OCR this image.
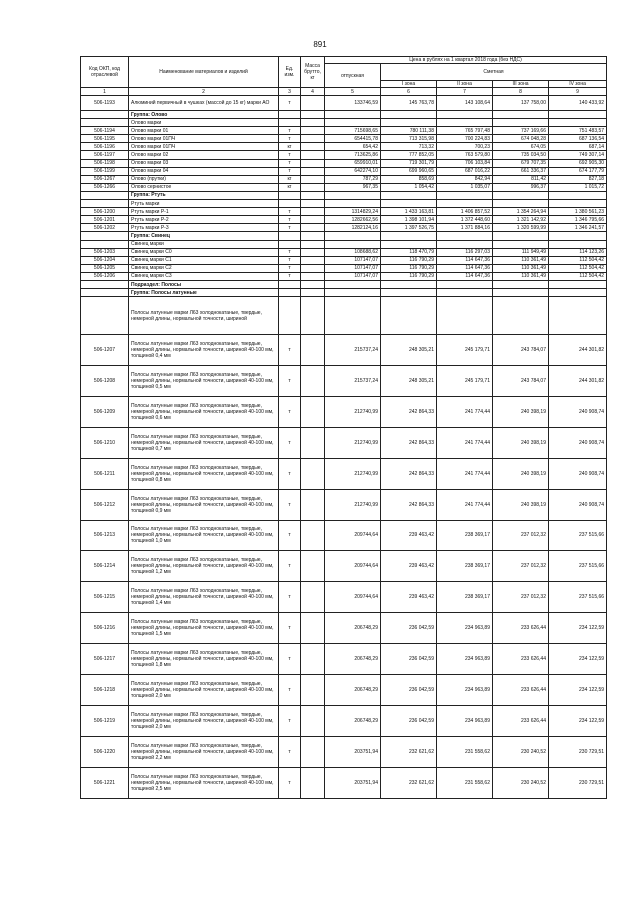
891
Код ОКП, код отраслевой	Наименование материалов и изделий	Ед. изм.	Масса брутто, кг	Цена в рублях на 1 квартал 2018 года (без НДС)				
				отпускная	Сметная			
					I зона	II зона	III зона	IV зона
1	2	3	4	5	6	7	8	9
506-1193	Алюминий первичный в чушках (массой до 15 кг) марки АО	т		133746,59	145 763,78	143 108,64	137 758,00	140 433,92
	Группа: Олово							
	Олово марки							
506-1194	Олово марки 01	т		715698,65	780 111,38	765 797,48	737 169,66	751 483,57
506-1195	Олово марки 01ПЧ	т		654415,78	713 315,98	700 224,83	674 048,28	687 136,54
506-1196	Олово марки 01ПЧ	кг		654,42	713,32	700,23	674,05	687,14
506-1197	Олово марки 02	т		713625,86	777 852,05	763 579,80	735 034,50	749 307,14
506-1198	Олово марки 03	т		659910,01	719 301,79	706 103,84	679 707,35	692 905,30
506-1199	Олово марки 04	т		642274,10	699 960,65	687 016,22	661 336,37	674 177,79
506-1267	Олово (прутки)	кг		787,29	858,69	842,94	811,42	827,18
506-1266	Олово сернистое	кг		967,35	1 054,42	1 035,07	996,37	1 015,72
	Группа: Ртуть							
	Ртуть марки							
506-1200	Ртуть марки Р-1	т		1314829,24	1 433 163,81	1 406 857,52	1 354 264,94	1 380 561,23
506-1201	Ртуть марки Р-2	т		1282662,56	1 398 101,94	1 372 448,60	1 321 142,92	1 346 795,66
506-1202	Ртуть марки Р-3	т		1282124,16	1 397 526,75	1 371 884,16	1 320 599,99	1 346 241,57
	Группа: Свинец							
	Свинец марки							
506-1203	Свинец марки С0	т		108688,62	118 470,79	116 297,03	111 949,49	114 123,26
506-1204	Свинец марки С1	т		107147,07	116 790,29	114 647,36	110 361,49	112 504,42
506-1205	Свинец марки С2	т		107147,07	116 790,29	114 647,36	110 361,49	112 504,42
506-1206	Свинец марки С3	т		107147,07	116 790,29	114 647,36	110 361,49	112 504,42
	Подраздел: Полосы							
	Группа: Полосы латунные							
	Полосы латунные марки Л63 холоднокатаные, твердые, немерной длины, нормальной точности, шириной							
506-1207	Полосы латунные марки Л63 холоднокатаные, твердые, немерной длины, нормальной точности, шириной 40-100 мм, толщиной 0,4 мм	т		215737,24	248 305,21	245 179,71	243 784,07	244 301,82
506-1208	Полосы латунные марки Л63 холоднокатаные, твердые, немерной длины, нормальной точности, шириной 40-100 мм, толщиной 0,5 мм	т		215737,24	248 305,21	245 179,71	243 784,07	244 301,82
506-1209	Полосы латунные марки Л63 холоднокатаные, твердые, немерной длины, нормальной точности, шириной 40-100 мм, толщиной 0,6 мм	т		212740,99	242 864,33	241 774,44	240 398,19	240 908,74
506-1210	Полосы латунные марки Л63 холоднокатаные, твердые, немерной длины, нормальной точности, шириной 40-100 мм, толщиной 0,7 мм	т		212740,99	242 864,33	241 774,44	240 398,19	240 908,74
506-1211	Полосы латунные марки Л63 холоднокатаные, твердые, немерной длины, нормальной точности, шириной 40-100 мм, толщиной 0,8 мм	т		212740,99	242 864,33	241 774,44	240 398,19	240 908,74
506-1212	Полосы латунные марки Л63 холоднокатаные, твердые, немерной длины, нормальной точности, шириной 40-100 мм, толщиной 0,9 мм	т		212740,99	242 864,33	241 774,44	240 398,19	240 908,74
506-1213	Полосы латунные марки Л63 холоднокатаные, твердые, немерной длины, нормальной точности, шириной 40-100 мм, толщиной 1,0 мм	т		209744,64	239 463,42	238 369,17	237 012,32	237 515,66
506-1214	Полосы латунные марки Л63 холоднокатаные, твердые, немерной длины, нормальной точности, шириной 40-100 мм, толщиной 1,2 мм	т		209744,64	239 463,42	238 369,17	237 012,32	237 515,66
506-1215	Полосы латунные марки Л63 холоднокатаные, твердые, немерной длины, нормальной точности, шириной 40-100 мм, толщиной 1,4 мм	т		209744,64	239 463,42	238 369,17	237 012,32	237 515,66
506-1216	Полосы латунные марки Л63 холоднокатаные, твердые, немерной длины, нормальной точности, шириной 40-100 мм, толщиной 1,5 мм	т		206748,29	236 042,59	234 963,89	233 626,44	234 122,59
506-1217	Полосы латунные марки Л63 холоднокатаные, твердые, немерной длины, нормальной точности, шириной 40-100 мм, толщиной 1,8 мм	т		206748,29	236 042,59	234 963,89	233 626,44	234 122,59
506-1218	Полосы латунные марки Л63 холоднокатаные, твердые, немерной длины, нормальной точности, шириной 40-100 мм, толщиной 2,0 мм	т		206748,29	236 042,59	234 963,89	233 626,44	234 122,59
506-1219	Полосы латунные марки Л63 холоднокатаные, твердые, немерной длины, нормальной точности, шириной 40-100 мм, толщиной 2,0 мм	т		206748,29	236 042,59	234 963,89	233 626,44	234 122,59
506-1220	Полосы латунные марки Л63 холоднокатаные, твердые, немерной длины, нормальной точности, шириной 40-100 мм, толщиной 2,2 мм	т		203751,94	232 621,62	231 558,62	230 240,52	230 729,51
506-1221	Полосы латунные марки Л63 холоднокатаные, твердые, немерной длины, нормальной точности, шириной 40-100 мм, толщиной 2,5 мм	т		203751,94	232 621,62	231 558,62	230 240,52	230 729,51
